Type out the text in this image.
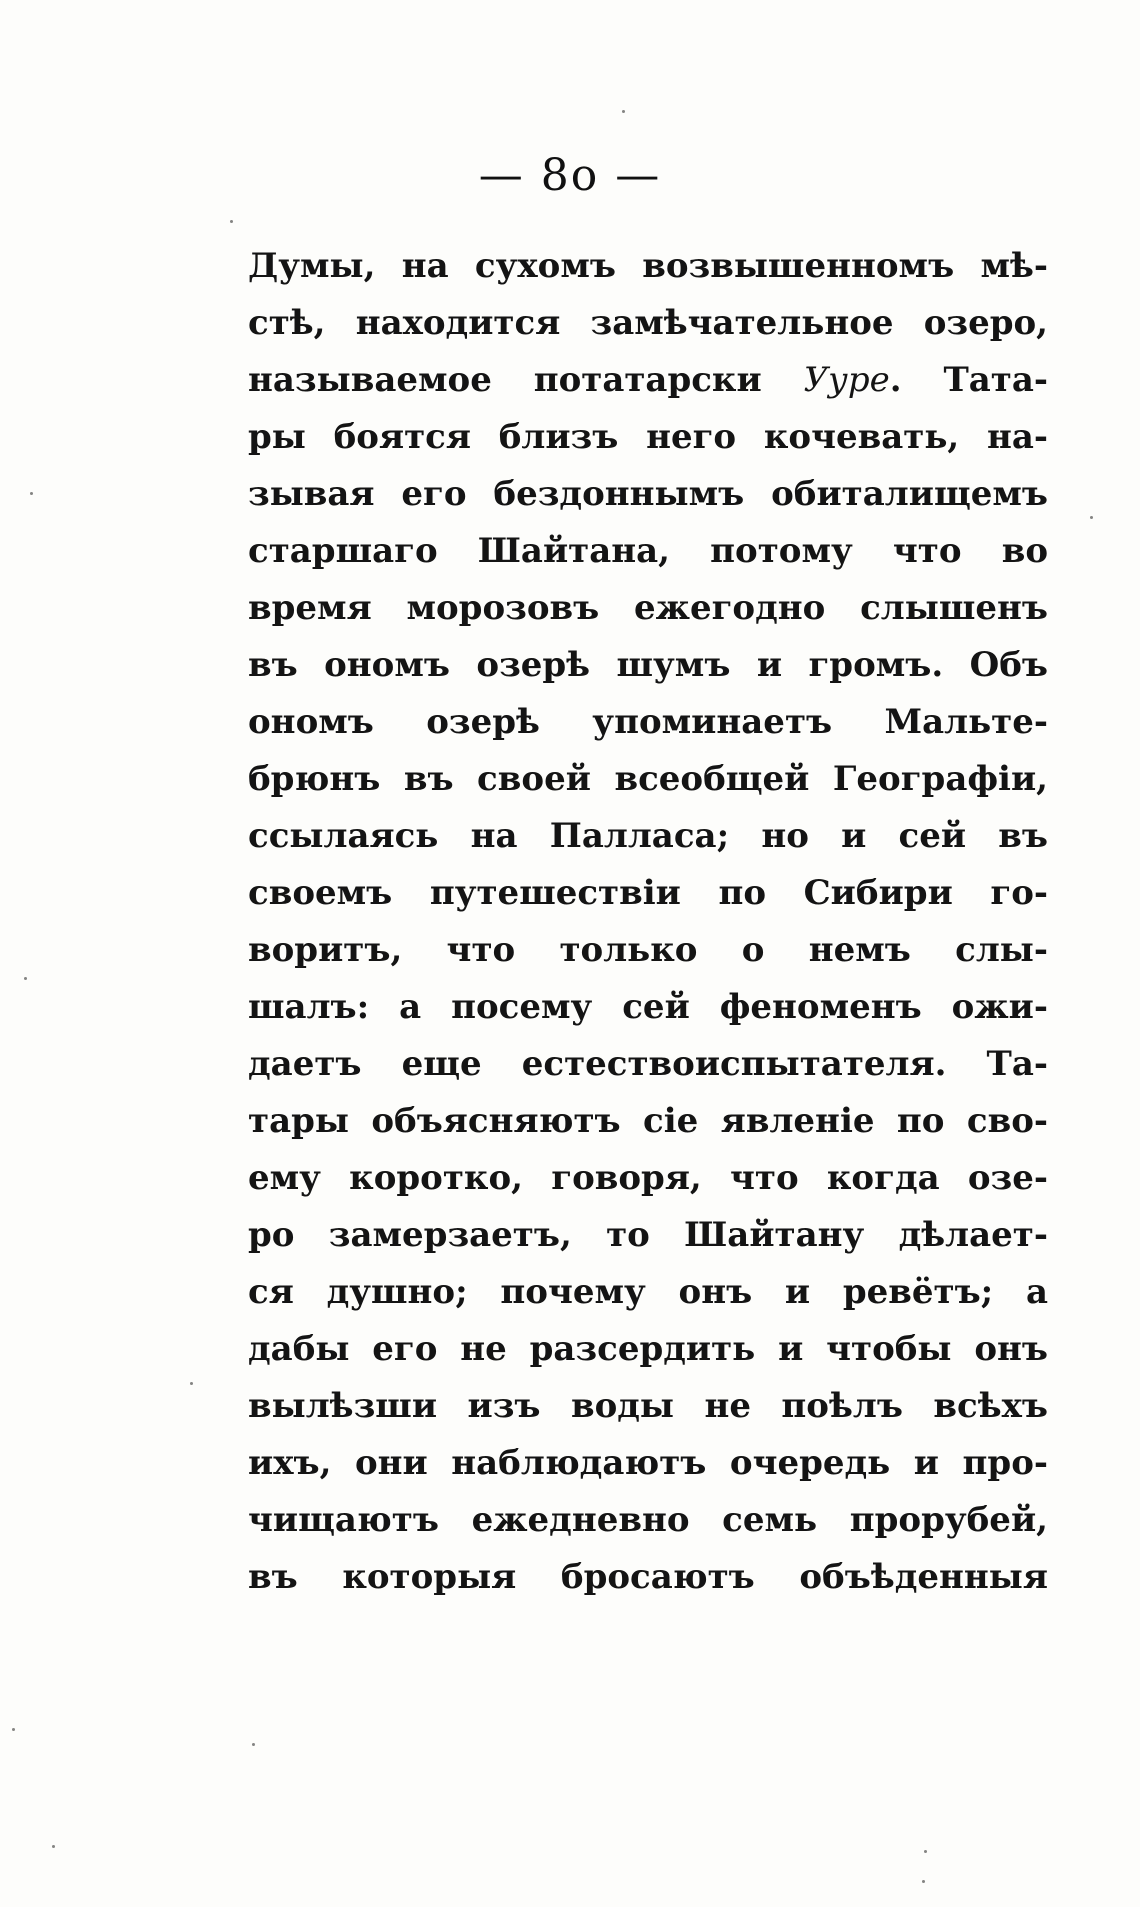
— 8o —
Думы, на сухомъ возвышенномъ мѣ-
стѣ, находится замѣчательное озеро,
называемое потатарски Ууре. Тата-
ры боятся близъ него кочевать, на-
зывая его бездоннымъ обиталищемъ
старшаго Шайтана, потому что во
время морозовъ ежегодно слышенъ
въ ономъ озерѣ шумъ и громъ. Объ
ономъ озерѣ упоминаетъ Мальте-
брюнъ въ своей всеобщей Географіи,
ссылаясь на Палласа; но и сей въ
своемъ путешествіи по Сибири го-
воритъ, что только о немъ слы-
шалъ: а посему сей феноменъ ожи-
даетъ еще естествоиспытателя. Та-
тары объясняютъ сіе явленіе по сво-
ему коротко, говоря, что когда озе-
ро замерзаетъ, то Шайтану дѣлает-
ся душно; почему онъ и ревётъ; а
дабы его не разсердить и чтобы онъ
вылѣзши изъ воды не поѣлъ всѣхъ
ихъ, они наблюдаютъ очередь и про-
чищаютъ ежедневно семь прорубей,
въ которыя бросаютъ объѣденныя
